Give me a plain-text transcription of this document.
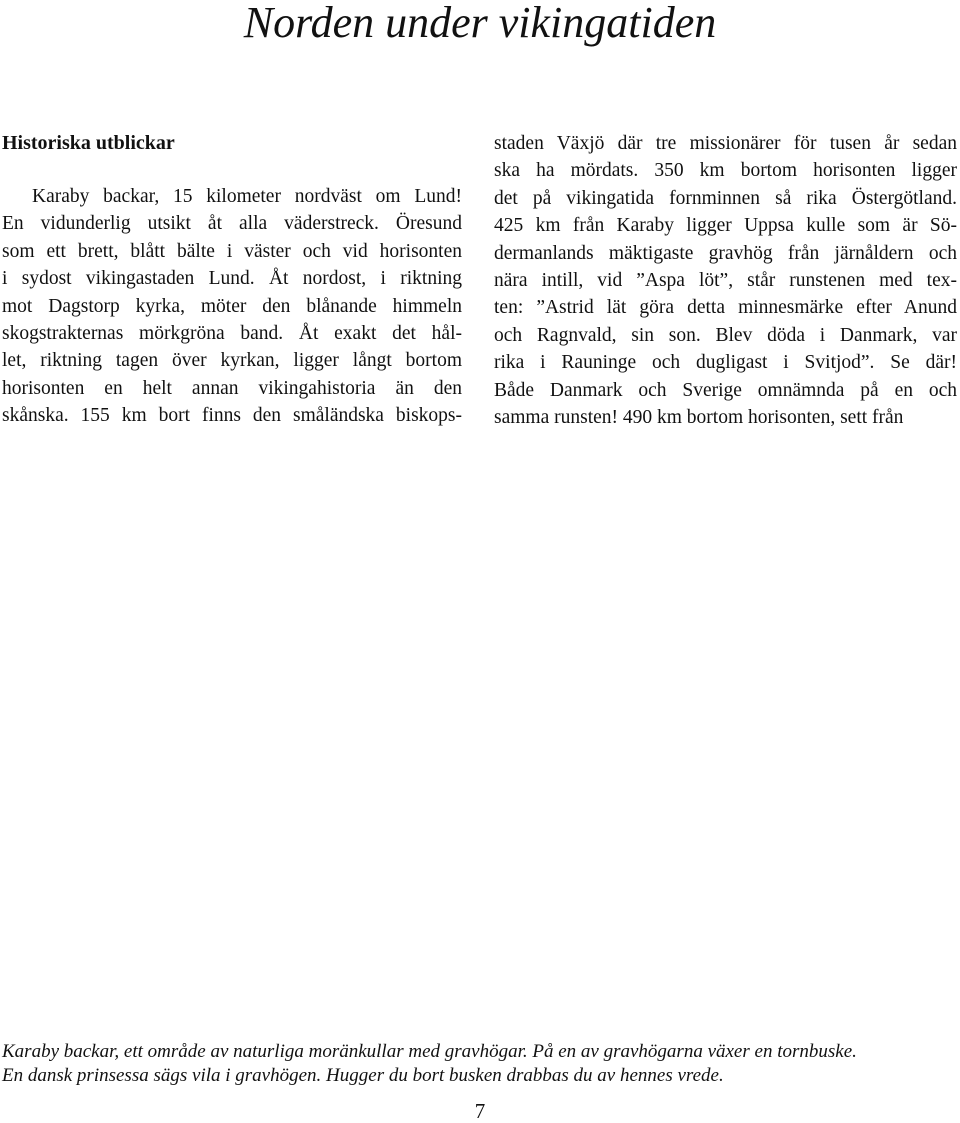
Norden under vikingatiden
Historiska utblickar
Karaby backar, 15 kilometer nordväst om Lund!
En vidunderlig utsikt åt alla väderstreck. Öresund
som ett brett, blått bälte i väster och vid horisonten
i sydost vikingastaden Lund. Åt nordost, i riktning
mot Dagstorp kyrka, möter den blånande himmeln
skogstrakternas mörkgröna band. Åt exakt det hål-
let, riktning tagen över kyrkan, ligger långt bortom
horisonten en helt annan vikingahistoria än den
skånska. 155 km bort finns den småländska biskops-
staden Växjö där tre missionärer för tusen år sedan
ska ha mördats. 350 km bortom horisonten ligger
det på vikingatida fornminnen så rika Östergötland.
425 km från Karaby ligger Uppsa kulle som är Sö-
dermanlands mäktigaste gravhög från järnåldern och
nära intill, vid ”Aspa löt”, står runstenen med tex-
ten: ”Astrid lät göra detta minnesmärke efter Anund
och Ragnvald, sin son. Blev döda i Danmark, var
rika i Rauninge och dugligast i Svitjod”. Se där!
Både Danmark och Sverige omnämnda på en och
samma runsten! 490 km bortom horisonten, sett från
Karaby backar, ett område av naturliga moränkullar med gravhögar. På en av gravhögarna växer en tornbuske.
En dansk prinsessa sägs vila i gravhögen. Hugger du bort busken drabbas du av hennes vrede.
7
